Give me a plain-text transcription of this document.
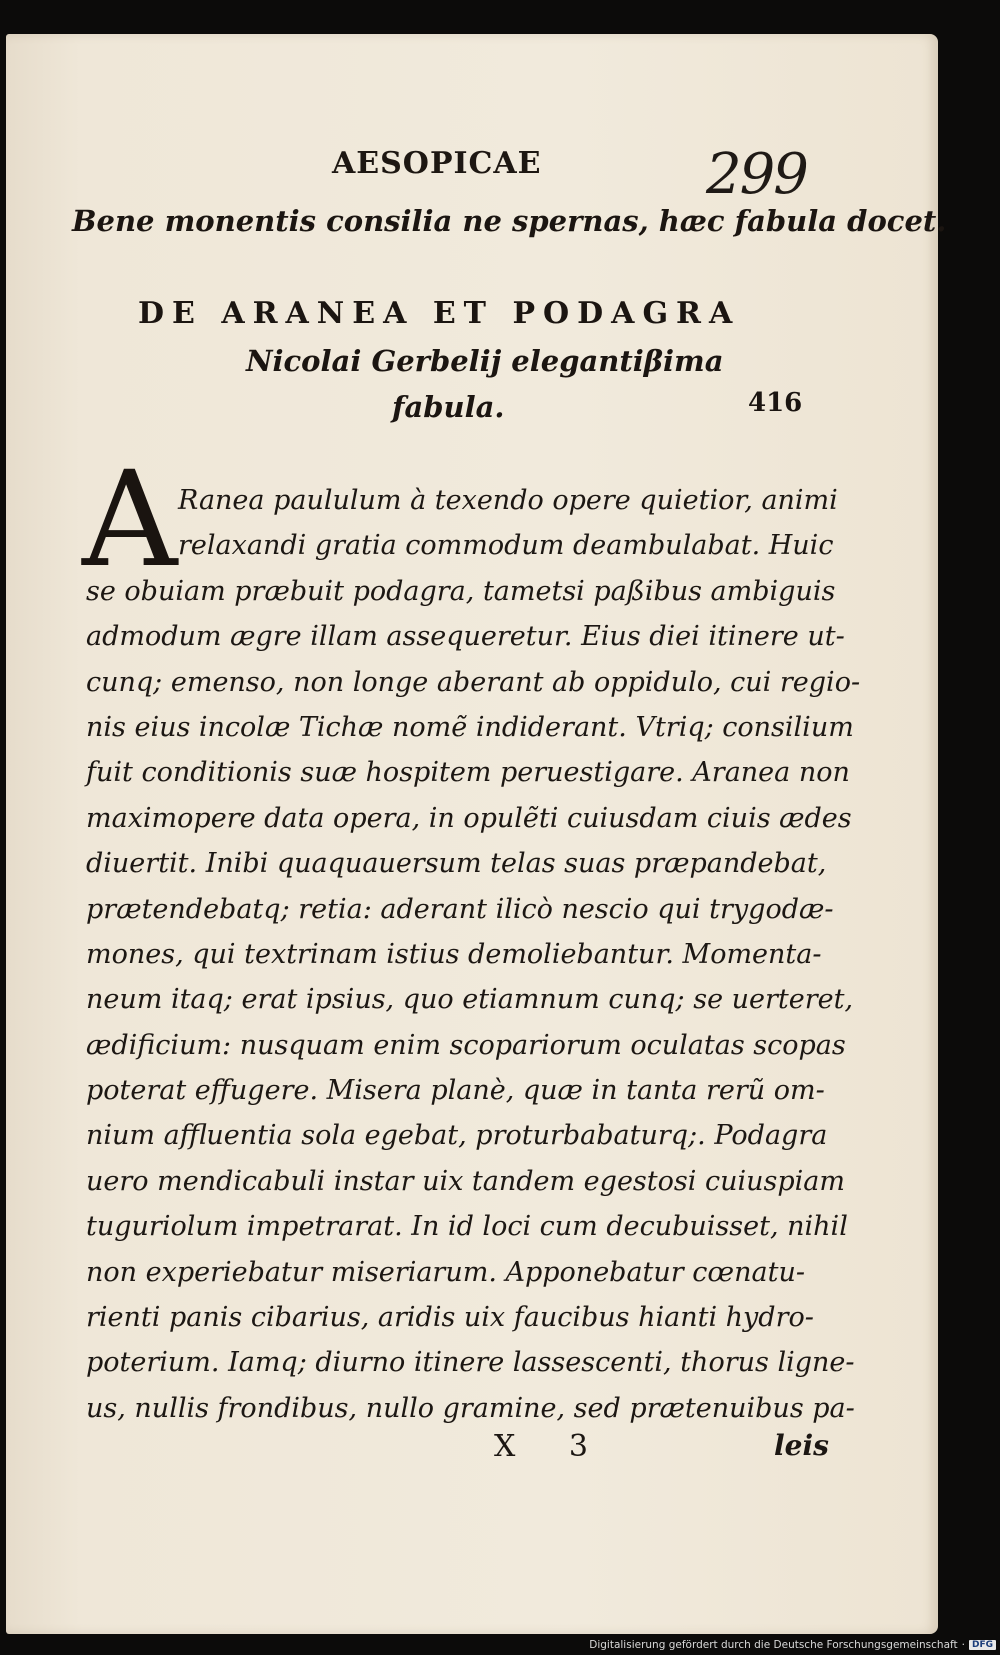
AESOPICAE	299
Bene monentis consilia ne spernas, hæc fabula docet.
DE ARANEA ET PODAGRA
Nicolai Gerbelij elegantiβima
fabula.	416
A Ranea paululum à texendo opere quietior, animi
relaxandi gratia commodum deambulabat. Huic
se obuiam præbuit podagra, tametsi paßibus ambiguis
admodum ægre illam assequeretur. Eius diei itinere ut-
cunq; emenso, non longe aberant ab oppidulo, cui regio-
nis eius incolæ Tichæ nomẽ indiderant. Vtriq; consilium
fuit conditionis suæ hospitem peruestigare. Aranea non
maximopere data opera, in opulẽti cuiusdam ciuis ædes
diuertit. Inibi quaquauersum telas suas præpandebat,
prætendebatq; retia: aderant ilicò nescio qui trygodæ-
mones, qui textrinam istius demoliebantur. Momenta-
neum itaq; erat ipsius, quo etiamnum cunq; se uerteret,
ædificium: nusquam enim scopariorum oculatas scopas
poterat effugere. Misera planè, quæ in tanta rerũ om-
nium affluentia sola egebat, proturbabaturq;. Podagra
uero mendicabuli instar uix tandem egestosi cuiuspiam
tuguriolum impetrarat. In id loci cum decubuisset, nihil
non experiebatur miseriarum. Apponebatur cœnatu-
rienti panis cibarius, aridis uix faucibus hianti hydro-
poterium. Iamq; diurno itinere lassescenti, thorus ligne-
us, nullis frondibus, nullo gramine, sed prætenuibus pa-
X 3	leis
Digitalisierung gefördert durch die Deutsche Forschungsgemeinschaft · DFG
